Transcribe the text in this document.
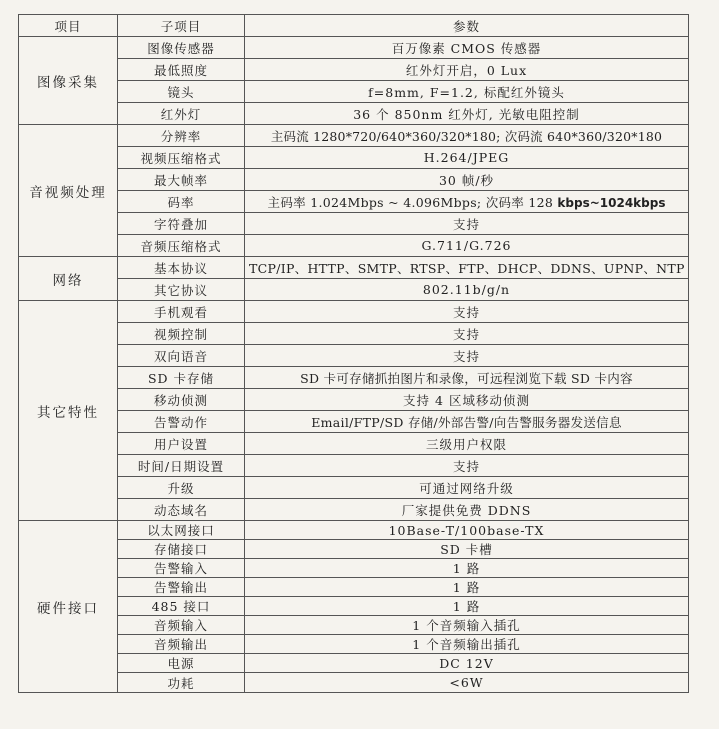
项目	子项目	参数
图像采集	图像传感器	百万像素 CMOS 传感器
	最低照度	红外灯开启，0 Lux
	镜头	f=8mm, F=1.2, 标配红外镜头
	红外灯	36 个 850nm 红外灯, 光敏电阻控制
音视频处理	分辨率	主码流 1280*720/640*360/320*180; 次码流 640*360/320*180
	视频压缩格式	H.264/JPEG
	最大帧率	30 帧/秒
	码率	主码率 1.024Mbps ~ 4.096Mbps; 次码率 128 kbps~1024kbps
	字符叠加	支持
	音频压缩格式	G.711/G.726
网络	基本协议	TCP/IP、HTTP、SMTP、RTSP、FTP、DHCP、DDNS、UPNP、NTP
	其它协议	802.11b/g/n
其它特性	手机观看	支持
	视频控制	支持
	双向语音	支持
	SD 卡存储	SD 卡可存储抓拍图片和录像，可远程浏览下载 SD 卡内容
	移动侦测	支持 4 区域移动侦测
	告警动作	Email/FTP/SD 存储/外部告警/向告警服务器发送信息
	用户设置	三级用户权限
	时间/日期设置	支持
	升级	可通过网络升级
	动态域名	厂家提供免费 DDNS
硬件接口	以太网接口	10Base-T/100base-TX
	存储接口	SD 卡槽
	告警输入	1 路
	告警输出	1 路
	485 接口	1 路
	音频输入	1 个音频输入插孔
	音频输出	1 个音频输出插孔
	电源	DC 12V
	功耗	<6W
